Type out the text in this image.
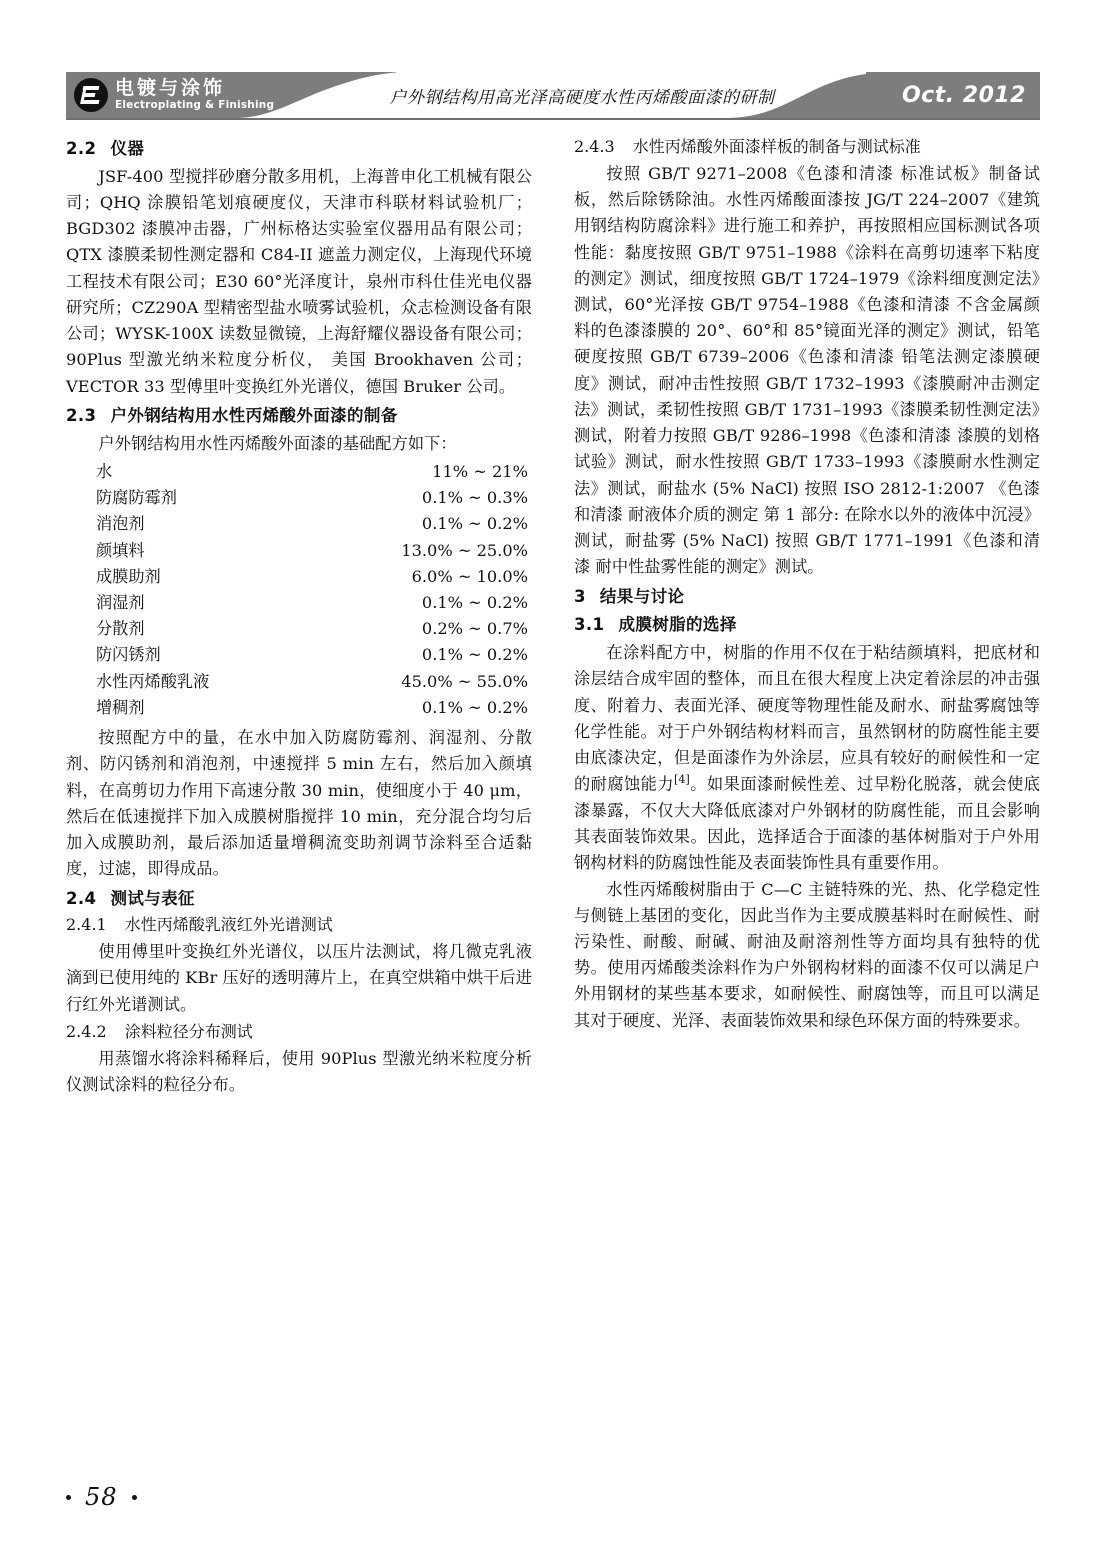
电镀与涂饰
Electroplating & Finishing	户外钢结构用高光泽高硬度水性丙烯酸面漆的研制	Oct. 2012
2.2 仪器

JSF-400 型搅拌砂磨分散多用机，上海普申化工机械有限公司；QHQ 涂膜铅笔划痕硬度仪，天津市科联材料试验机厂；BGD302 漆膜冲击器，广州标格达实验室仪器用品有限公司；QTX 漆膜柔韧性测定器和 C84-II 遮盖力测定仪，上海现代环境工程技术有限公司；E30 60°光泽度计，泉州市科仕佳光电仪器研究所；CZ290A 型精密型盐水喷雾试验机，众志检测设备有限公司；WYSK-100X 读数显微镜，上海舒耀仪器设备有限公司； 90Plus 型激光纳米粒度分析仪， 美国 Brookhaven 公司； VECTOR 33 型傅里叶变换红外光谱仪，德国 Bruker 公司。

2.3 户外钢结构用水性丙烯酸外面漆的制备

户外钢结构用水性丙烯酸外面漆的基础配方如下：

水	11% ~ 21%
防腐防霉剂	0.1% ~ 0.3%
消泡剂	0.1% ~ 0.2%
颜填料	13.0% ~ 25.0%
成膜助剂	6.0% ~ 10.0%
润湿剂	0.1% ~ 0.2%
分散剂	0.2% ~ 0.7%
防闪锈剂	0.1% ~ 0.2%
水性丙烯酸乳液	45.0% ~ 55.0%
增稠剂	0.1% ~ 0.2%

按照配方中的量，在水中加入防腐防霉剂、润湿剂、分散剂、防闪锈剂和消泡剂，中速搅拌 5 min 左右，然后加入颜填料，在高剪切力作用下高速分散 30 min，使细度小于 40 μm，然后在低速搅拌下加入成膜树脂搅拌 10 min，充分混合均匀后加入成膜助剂，最后添加适量增稠流变助剂调节涂料至合适黏度，过滤，即得成品。

2.4 测试与表征
2.4.1 水性丙烯酸乳液红外光谱测试

使用傅里叶变换红外光谱仪，以压片法测试，将几微克乳液滴到已使用纯的 KBr 压好的透明薄片上，在真空烘箱中烘干后进行红外光谱测试。

2.4.2 涂料粒径分布测试

用蒸馏水将涂料稀释后，使用 90Plus 型激光纳米粒度分析仪测试涂料的粒径分布。

2.4.3 水性丙烯酸外面漆样板的制备与测试标准

按照 GB/T 9271–2008《色漆和清漆 标准试板》制备试板，然后除锈除油。水性丙烯酸面漆按 JG/T 224–2007《建筑用钢结构防腐涂料》进行施工和养护，再按照相应国标测试各项性能：黏度按照 GB/T 9751–1988《涂料在高剪切速率下粘度的测定》测试，细度按照 GB/T 1724–1979《涂料细度测定法》测试，60°光泽按 GB/T 9754–1988《色漆和清漆 不含金属颜料的色漆漆膜的 20°、60°和 85°镜面光泽的测定》测试，铅笔硬度按照 GB/T 6739–2006《色漆和清漆 铅笔法测定漆膜硬度》测试，耐冲击性按照 GB/T 1732–1993《漆膜耐冲击测定法》测试，柔韧性按照 GB/T 1731–1993《漆膜柔韧性测定法》测试，附着力按照 GB/T 9286–1998《色漆和清漆 漆膜的划格试验》测试，耐水性按照 GB/T 1733–1993《漆膜耐水性测定法》测试，耐盐水 (5% NaCl) 按照 ISO 2812-1:2007 《色漆和清漆 耐液体介质的测定 第 1 部分: 在除水以外的液体中沉浸》测试，耐盐雾 (5% NaCl) 按照 GB/T 1771–1991《色漆和清漆 耐中性盐雾性能的测定》测试。

3 结果与讨论
3.1 成膜树脂的选择

在涂料配方中，树脂的作用不仅在于粘结颜填料，把底材和涂层结合成牢固的整体，而且在很大程度上决定着涂层的冲击强度、附着力、表面光泽、硬度等物理性能及耐水、耐盐雾腐蚀等化学性能。对于户外钢结构材料而言，虽然钢材的防腐性能主要由底漆决定，但是面漆作为外涂层，应具有较好的耐候性和一定的耐腐蚀能力[4]。如果面漆耐候性差、过早粉化脱落，就会使底漆暴露，不仅大大降低底漆对户外钢材的防腐性能，而且会影响其表面装饰效果。因此，选择适合于面漆的基体树脂对于户外用钢构材料的防腐蚀性能及表面装饰性具有重要作用。

水性丙烯酸树脂由于 C—C 主链特殊的光、热、化学稳定性与侧链上基团的变化，因此当作为主要成膜基料时在耐候性、耐污染性、耐酸、耐碱、耐油及耐溶剂性等方面均具有独特的优势。使用丙烯酸类涂料作为户外钢构材料的面漆不仅可以满足户外用钢材的某些基本要求，如耐候性、耐腐蚀等，而且可以满足其对于硬度、光泽、表面装饰效果和绿色环保方面的特殊要求。

58
